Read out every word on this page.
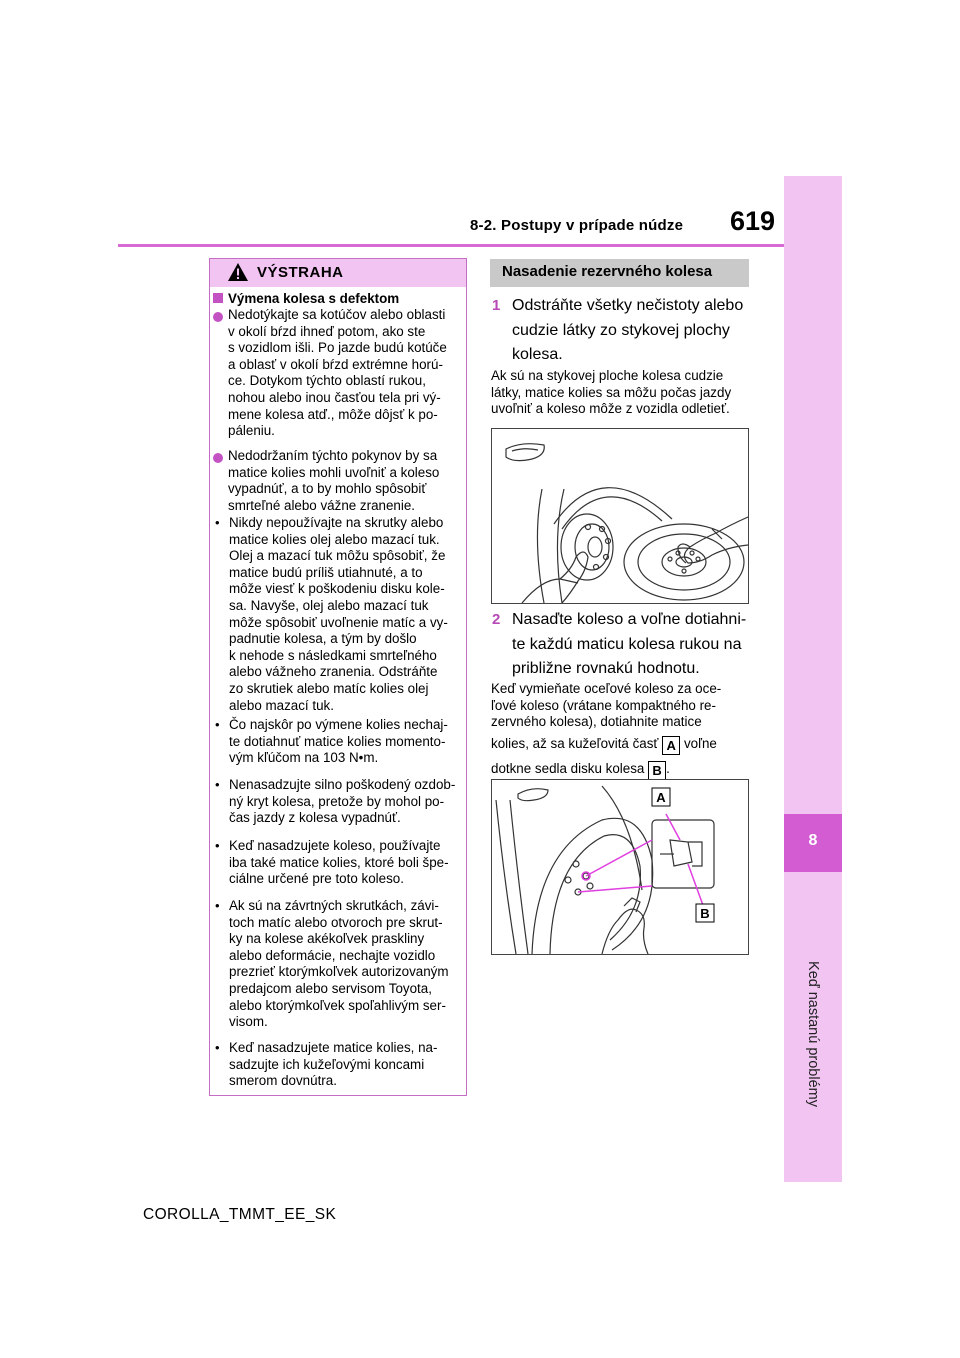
8-2. Postupy v prípade núdze 619
8
Keď nastanú problémy
VÝSTRAHA
Výmena kolesa s defektom
Nedotýkajte sa kotúčov alebo oblasti
v okolí bŕzd ihneď potom, ako ste
s vozidlom išli. Po jazde budú kotúče
a oblasť v okolí bŕzd extrémne horú-
ce. Dotykom týchto oblastí rukou,
nohou alebo inou časťou tela pri vý-
mene kolesa atď., môže dôjsť k po-
páleniu.
Nedodržaním týchto pokynov by sa
matice kolies mohli uvoľniť a koleso
vypadnúť, a to by mohlo spôsobiť
smrteľné alebo vážne zranenie.
• Nikdy nepoužívajte na skrutky alebo
matice kolies olej alebo mazací tuk.
Olej a mazací tuk môžu spôsobiť, že
matice budú príliš utiahnuté, a to
môže viesť k poškodeniu disku kole-
sa. Navyše, olej alebo mazací tuk
môže spôsobiť uvoľnenie matíc a vy-
padnutie kolesa, a tým by došlo
k nehode s následkami smrteľného
alebo vážneho zranenia. Odstráňte
zo skrutiek alebo matíc kolies olej
alebo mazací tuk.
• Čo najskôr po výmene kolies nechaj-
te dotiahnuť matice kolies momento-
vým kľúčom na 103 N•m.
• Nenasadzujte silno poškodený ozdob-
ný kryt kolesa, pretože by mohol po-
čas jazdy z kolesa vypadnúť.
• Keď nasadzujete koleso, používajte
iba také matice kolies, ktoré boli špe-
ciálne určené pre toto koleso.
• Ak sú na závrtných skrutkách, závi-
toch matíc alebo otvoroch pre skrut-
ky na kolese akékoľvek praskliny
alebo deformácie, nechajte vozidlo
prezrieť ktorýmkoľvek autorizovaným
predajcom alebo servisom Toyota,
alebo ktorýmkoľvek spoľahlivým ser-
visom.
• Keď nasadzujete matice kolies, na-
sadzujte ich kužeľovými koncami
smerom dovnútra.
Nasadenie rezervného kolesa
1 Odstráňte všetky nečistoty alebo
cudzie látky zo stykovej plochy
kolesa.
Ak sú na stykovej ploche kolesa cudzie
látky, matice kolies sa môžu počas jazdy
uvoľniť a koleso môže z vozidla odletieť.
2 Nasaďte koleso a voľne dotiahni-
te každú maticu kolesa rukou na
približne rovnakú hodnotu.
Keď vymieňate oceľové koleso za oce-
ľové koleso (vrátane kompaktného re-
zervného kolesa), dotiahnite matice
kolies, až sa kužeľovitá časť A voľne
dotkne sedla disku kolesa B .
A
B
COROLLA_TMMT_EE_SK
